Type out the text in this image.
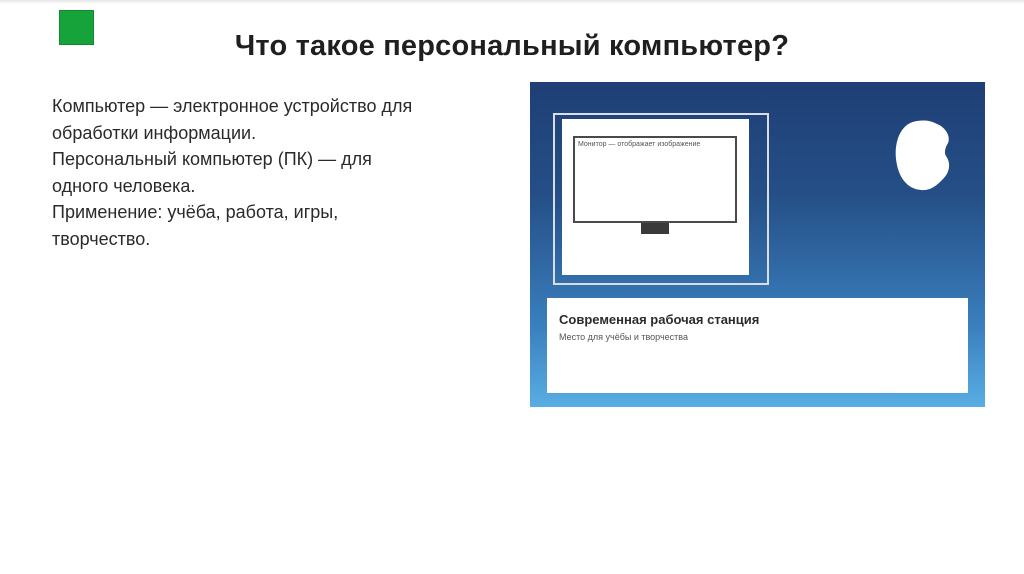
Что такое персональный компьютер?
Компьютер — электронное устройство для
обработки информации.
Персональный компьютер (ПК) — для
одного человека.
Применение: учёба, работа, игры,
творчество.
Монитор — отображает изображение
Современная рабочая станция
Место для учёбы и творчества
